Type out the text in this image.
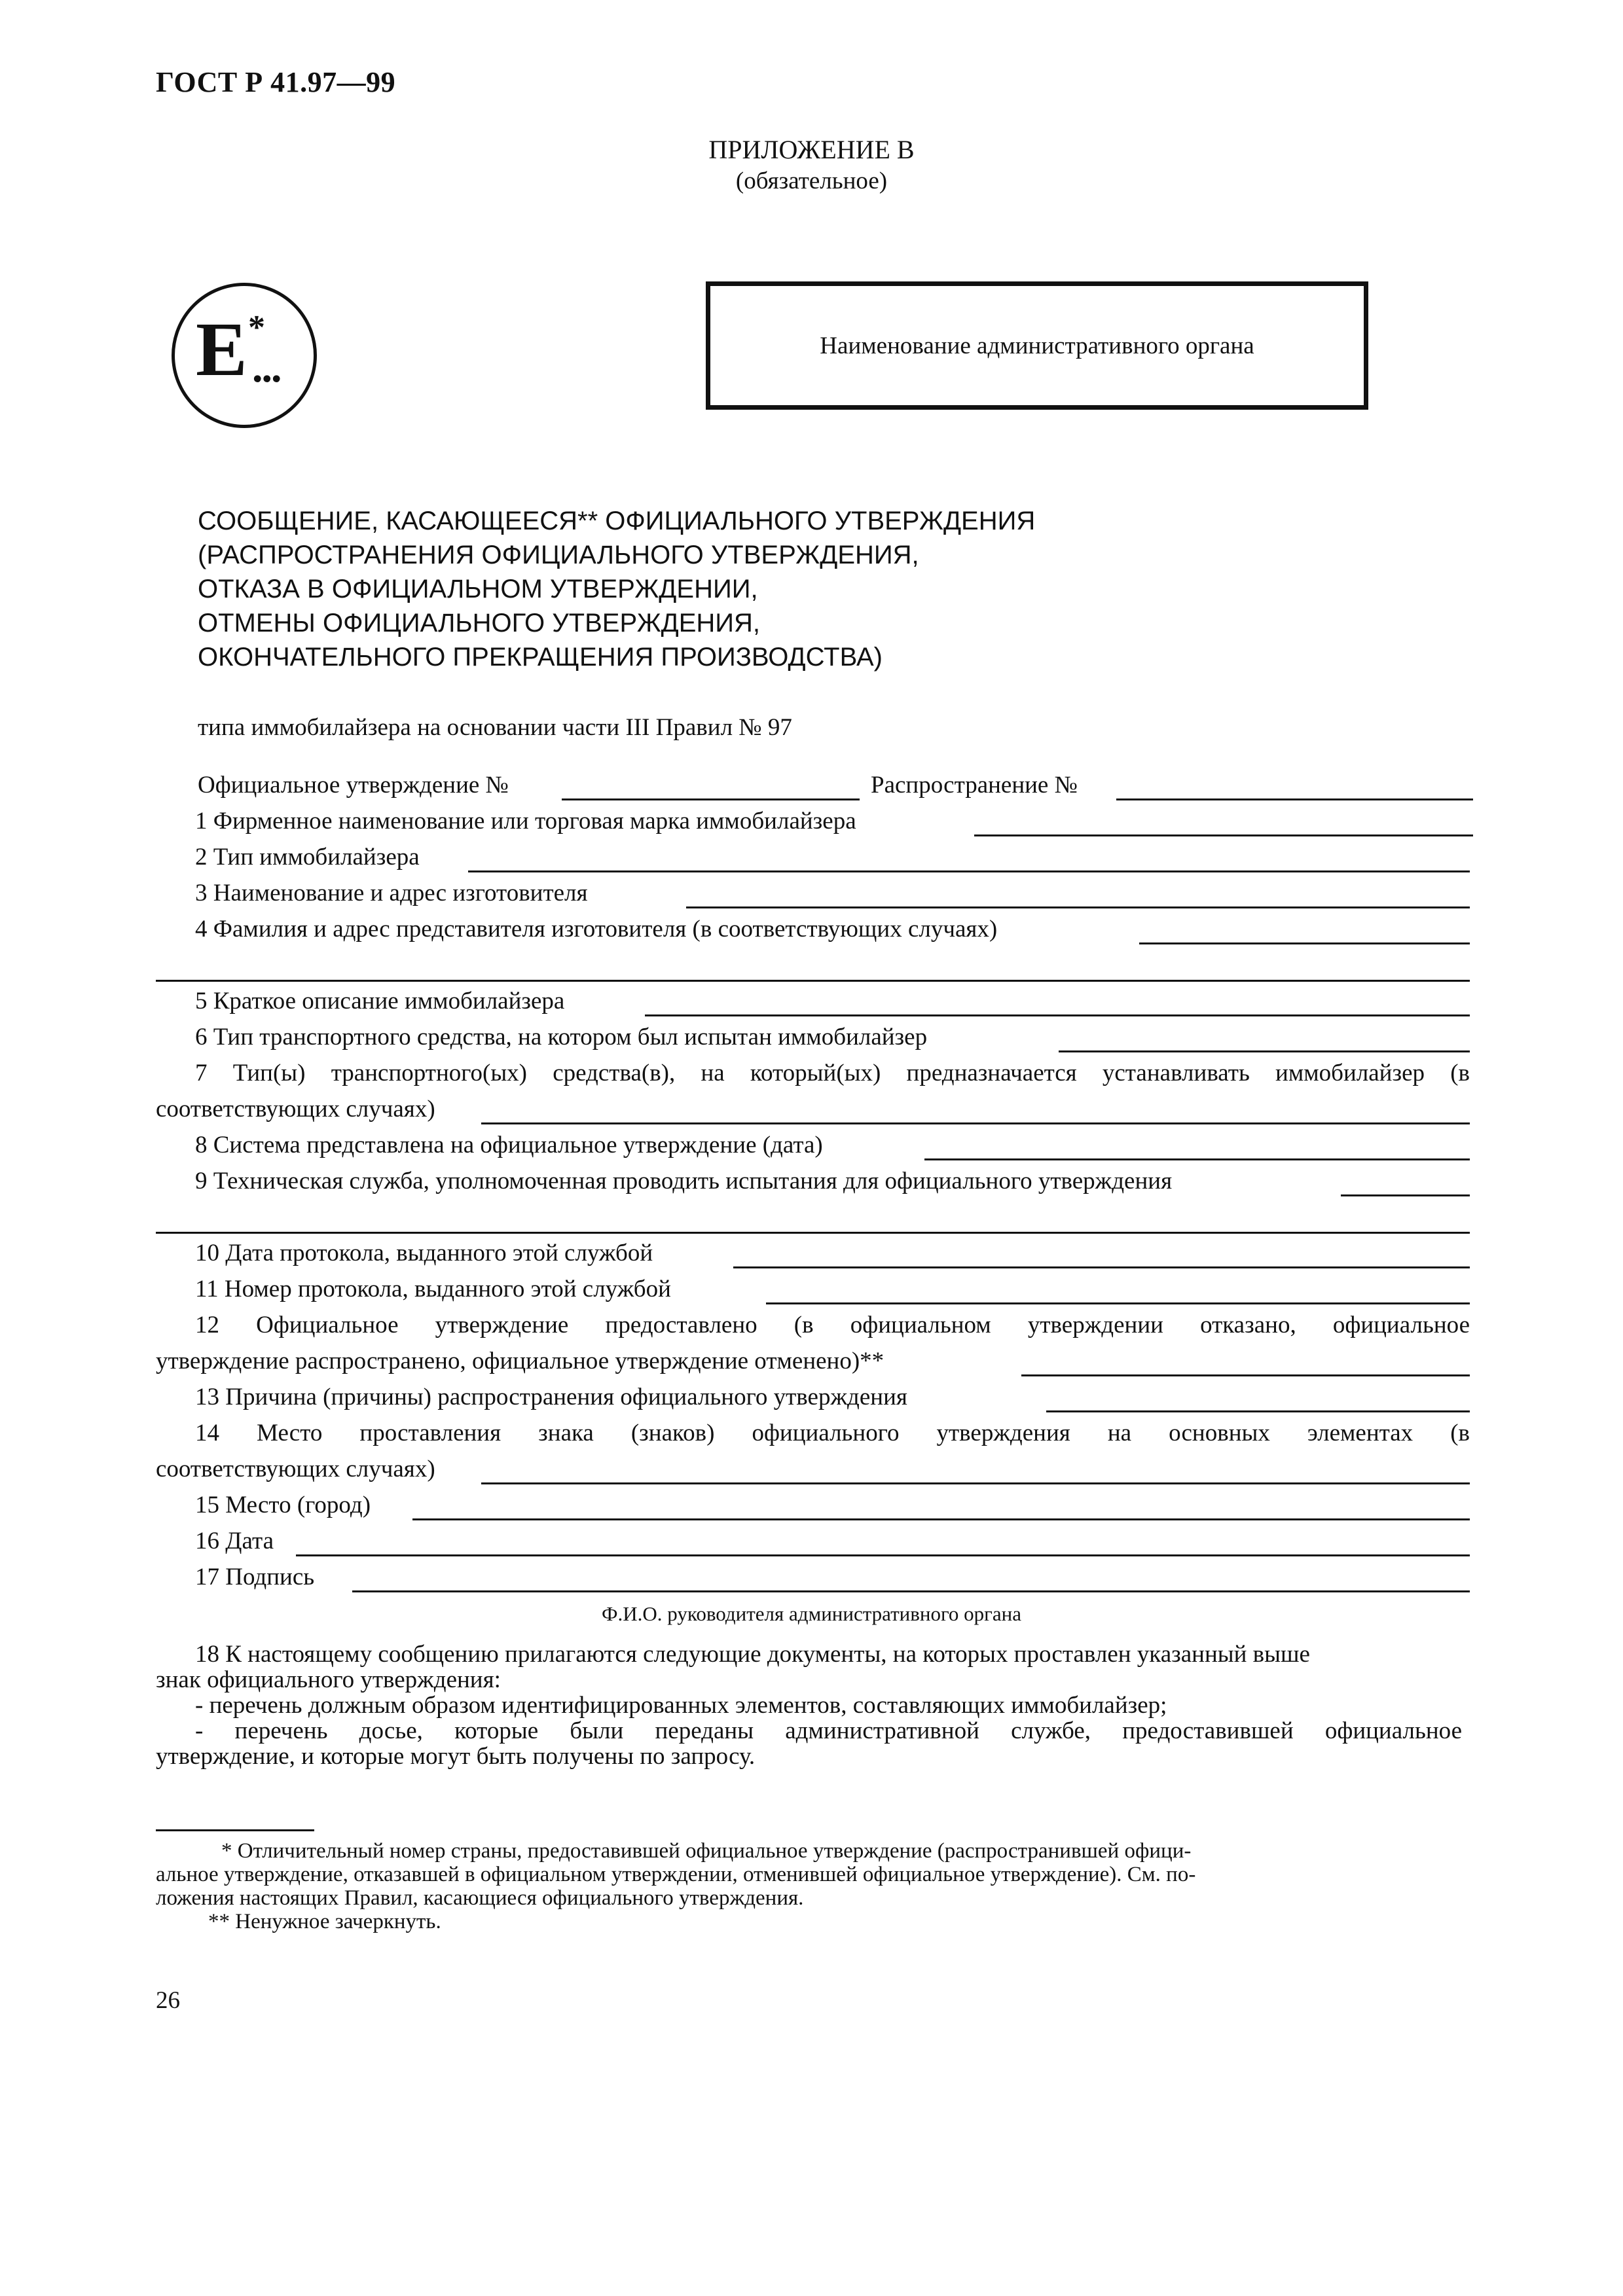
ГОСТ Р 41.97—99
ПРИЛОЖЕНИЕ В
(обязательное)
E *
...	Наименование административного органа
СООБЩЕНИЕ, КАСАЮЩЕЕСЯ** ОФИЦИАЛЬНОГО УТВЕРЖДЕНИЯ
(РАСПРОСТРАНЕНИЯ ОФИЦИАЛЬНОГО УТВЕРЖДЕНИЯ,
ОТКАЗА В ОФИЦИАЛЬНОМ УТВЕРЖДЕНИИ,
ОТМЕНЫ ОФИЦИАЛЬНОГО УТВЕРЖДЕНИЯ,
ОКОНЧАТЕЛЬНОГО ПРЕКРАЩЕНИЯ ПРОИЗВОДСТВА)
типа иммобилайзера на основании части III Правил № 97
Официальное утверждение №	Распространение №
1 Фирменное наименование или торговая марка иммобилайзера
2 Тип иммобилайзера
3 Наименование и адрес изготовителя
4 Фамилия и адрес представителя изготовителя (в соответствующих случаях)
5 Краткое описание иммобилайзера
6 Тип транспортного средства, на котором был испытан иммобилайзер
7 Тип(ы) транспортного(ых) средства(в), на который(ых) предназначается устанавливать иммобилайзер (в
соответствующих случаях)
8 Система представлена на официальное утверждение (дата)
9 Техническая служба, уполномоченная проводить испытания для официального утверждения
10 Дата протокола, выданного этой службой
11 Номер протокола, выданного этой службой
12 Официальное утверждение предоставлено (в официальном утверждении отказано, официальное
утверждение распространено, официальное утверждение отменено)**
13 Причина (причины) распространения официального утверждения
14 Место проставления знака (знаков) официального утверждения на основных элементах (в
соответствующих случаях)
15 Место (город)
16 Дата
17 Подпись
Ф.И.О. руководителя административного органа
18 К настоящему сообщению прилагаются следующие документы, на которых проставлен указанный выше
знак официального утверждения:
- перечень должным образом идентифицированных элементов, составляющих иммобилайзер;
- перечень досье, которые были переданы административной службе, предоставившей официальное
утверждение, и которые могут быть получены по запросу.
* Отличительный номер страны, предоставившей официальное утверждение (распространившей офици-
альное утверждение, отказавшей в официальном утверждении, отменившей официальное утверждение). См. по-
ложения настоящих Правил, касающиеся официального утверждения.
** Ненужное зачеркнуть.
26
